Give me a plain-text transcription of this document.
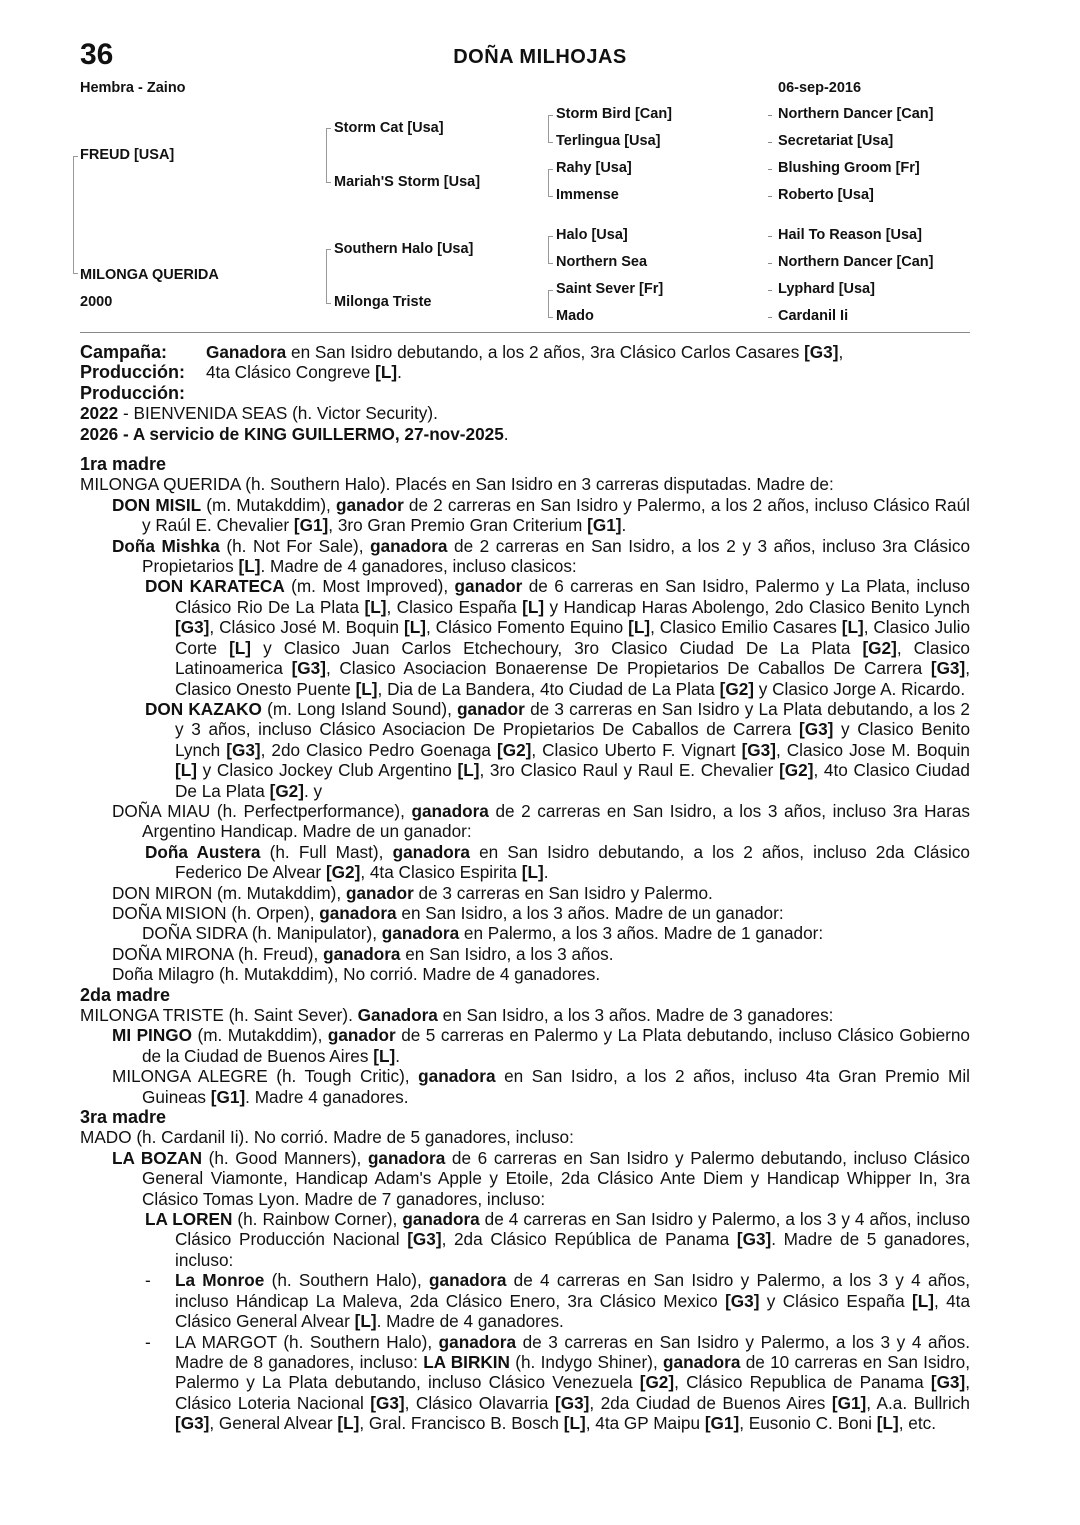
36	DOÑA MILHOJAS
Hembra - Zaino	06-sep-2016
FREUD [USA]
MILONGA QUERIDA
2000
Storm Cat [Usa]
Mariah'S Storm [Usa]
Southern Halo [Usa]
Milonga Triste
Storm Bird [Can]
Terlingua [Usa]
Rahy [Usa]
Immense
Halo [Usa]
Northern Sea
Saint Sever [Fr]
Mado
Northern Dancer [Can]
Secretariat [Usa]
Blushing Groom [Fr]
Roberto [Usa]
Hail To Reason [Usa]
Northern Dancer [Can]
Lyphard [Usa]
Cardanil Ii

Campaña: Ganadora en San Isidro debutando, a los 2 años, 3ra Clásico Carlos Casares [G3],

Producción: 4ta Clásico Congreve [L].

Producción:

2022 - BIENVENIDA SEAS (h. Victor Security).

2026 - A servicio de KING GUILLERMO, 27-nov-2025.

1ra madre

MILONGA QUERIDA (h. Southern Halo). Placés en San Isidro en 3 carreras disputadas. Madre de:

DON MISIL (m. Mutakddim), ganador de 2 carreras en San Isidro y Palermo, a los 2 años, incluso Clásico Raúl y Raúl E. Chevalier [G1], 3ro Gran Premio Gran Criterium [G1].

Doña Mishka (h. Not For Sale), ganadora de 2 carreras en San Isidro, a los 2 y 3 años, incluso 3ra Clásico Propietarios [L]. Madre de 4 ganadores, incluso clasicos:

DON KARATECA (m. Most Improved), ganador de 6 carreras en San Isidro, Palermo y La Plata, incluso Clásico Rio De La Plata [L], Clasico España [L] y Handicap Haras Abolengo, 2do Clasico Benito Lynch [G3], Clásico José M. Boquin [L], Clásico Fomento Equino [L], Clasico Emilio Casares [L], Clasico Julio Corte [L] y Clasico Juan Carlos Etchechoury, 3ro Clasico Ciudad De La Plata [G2], Clasico Latinoamerica [G3], Clasico Asociacion Bonaerense De Propietarios De Caballos De Carrera [G3], Clasico Onesto Puente [L], Dia de La Bandera, 4to Ciudad de La Plata [G2] y Clasico Jorge A. Ricardo.

DON KAZAKO (m. Long Island Sound), ganador de 3 carreras en San Isidro y La Plata debutando, a los 2 y 3 años, incluso Clásico Asociacion De Propietarios De Caballos de Carrera [G3] y Clasico Benito Lynch [G3], 2do Clasico Pedro Goenaga [G2], Clasico Uberto F. Vignart [G3], Clasico Jose M. Boquin [L] y Clasico Jockey Club Argentino [L], 3ro Clasico Raul y Raul E. Chevalier [G2], 4to Clasico Ciudad De La Plata [G2]. y

DOÑA MIAU (h. Perfectperformance), ganadora de 2 carreras en San Isidro, a los 3 años, incluso 3ra Haras Argentino Handicap. Madre de un ganador:

Doña Austera (h. Full Mast), ganadora en San Isidro debutando, a los 2 años, incluso 2da Clásico Federico De Alvear [G2], 4ta Clasico Espirita [L].

DON MIRON (m. Mutakddim), ganador de 3 carreras en San Isidro y Palermo.

DOÑA MISION (h. Orpen), ganadora en San Isidro, a los 3 años. Madre de un ganador:

DOÑA SIDRA (h. Manipulator), ganadora en Palermo, a los 3 años. Madre de 1 ganador:

DOÑA MIRONA (h. Freud), ganadora en San Isidro, a los 3 años.

Doña Milagro (h. Mutakddim), No corrió. Madre de 4 ganadores.

2da madre

MILONGA TRISTE (h. Saint Sever). Ganadora en San Isidro, a los 3 años. Madre de 3 ganadores:

MI PINGO (m. Mutakddim), ganador de 5 carreras en Palermo y La Plata debutando, incluso Clásico Gobierno de la Ciudad de Buenos Aires [L].

MILONGA ALEGRE (h. Tough Critic), ganadora en San Isidro, a los 2 años, incluso 4ta Gran Premio Mil Guineas [G1]. Madre 4 ganadores.

3ra madre

MADO (h. Cardanil Ii). No corrió. Madre de 5 ganadores, incluso:

LA BOZAN (h. Good Manners), ganadora de 6 carreras en San Isidro y Palermo debutando, incluso Clásico General Viamonte, Handicap Adam's Apple y Etoile, 2da Clásico Ante Diem y Handicap Whipper In, 3ra Clásico Tomas Lyon. Madre de 7 ganadores, incluso:

LA LOREN (h. Rainbow Corner), ganadora de 4 carreras en San Isidro y Palermo, a los 3 y 4 años, incluso Clásico Producción Nacional [G3], 2da Clásico República de Panama [G3]. Madre de 5 ganadores, incluso:

- La Monroe (h. Southern Halo), ganadora de 4 carreras en San Isidro y Palermo, a los 3 y 4 años, incluso Hándicap La Maleva, 2da Clásico Enero, 3ra Clásico Mexico [G3] y Clásico España [L], 4ta Clásico General Alvear [L]. Madre de 4 ganadores.

- LA MARGOT (h. Southern Halo), ganadora de 3 carreras en San Isidro y Palermo, a los 3 y 4 años. Madre de 8 ganadores, incluso: LA BIRKIN (h. Indygo Shiner), ganadora de 10 carreras en San Isidro, Palermo y La Plata debutando, incluso Clásico Venezuela [G2], Clásico Republica de Panama [G3], Clásico Loteria Nacional [G3], Clásico Olavarria [G3], 2da Ciudad de Buenos Aires [G1], A.a. Bullrich [G3], General Alvear [L], Gral. Francisco B. Bosch [L], 4ta GP Maipu [G1], Eusonio C. Boni [L], etc.
